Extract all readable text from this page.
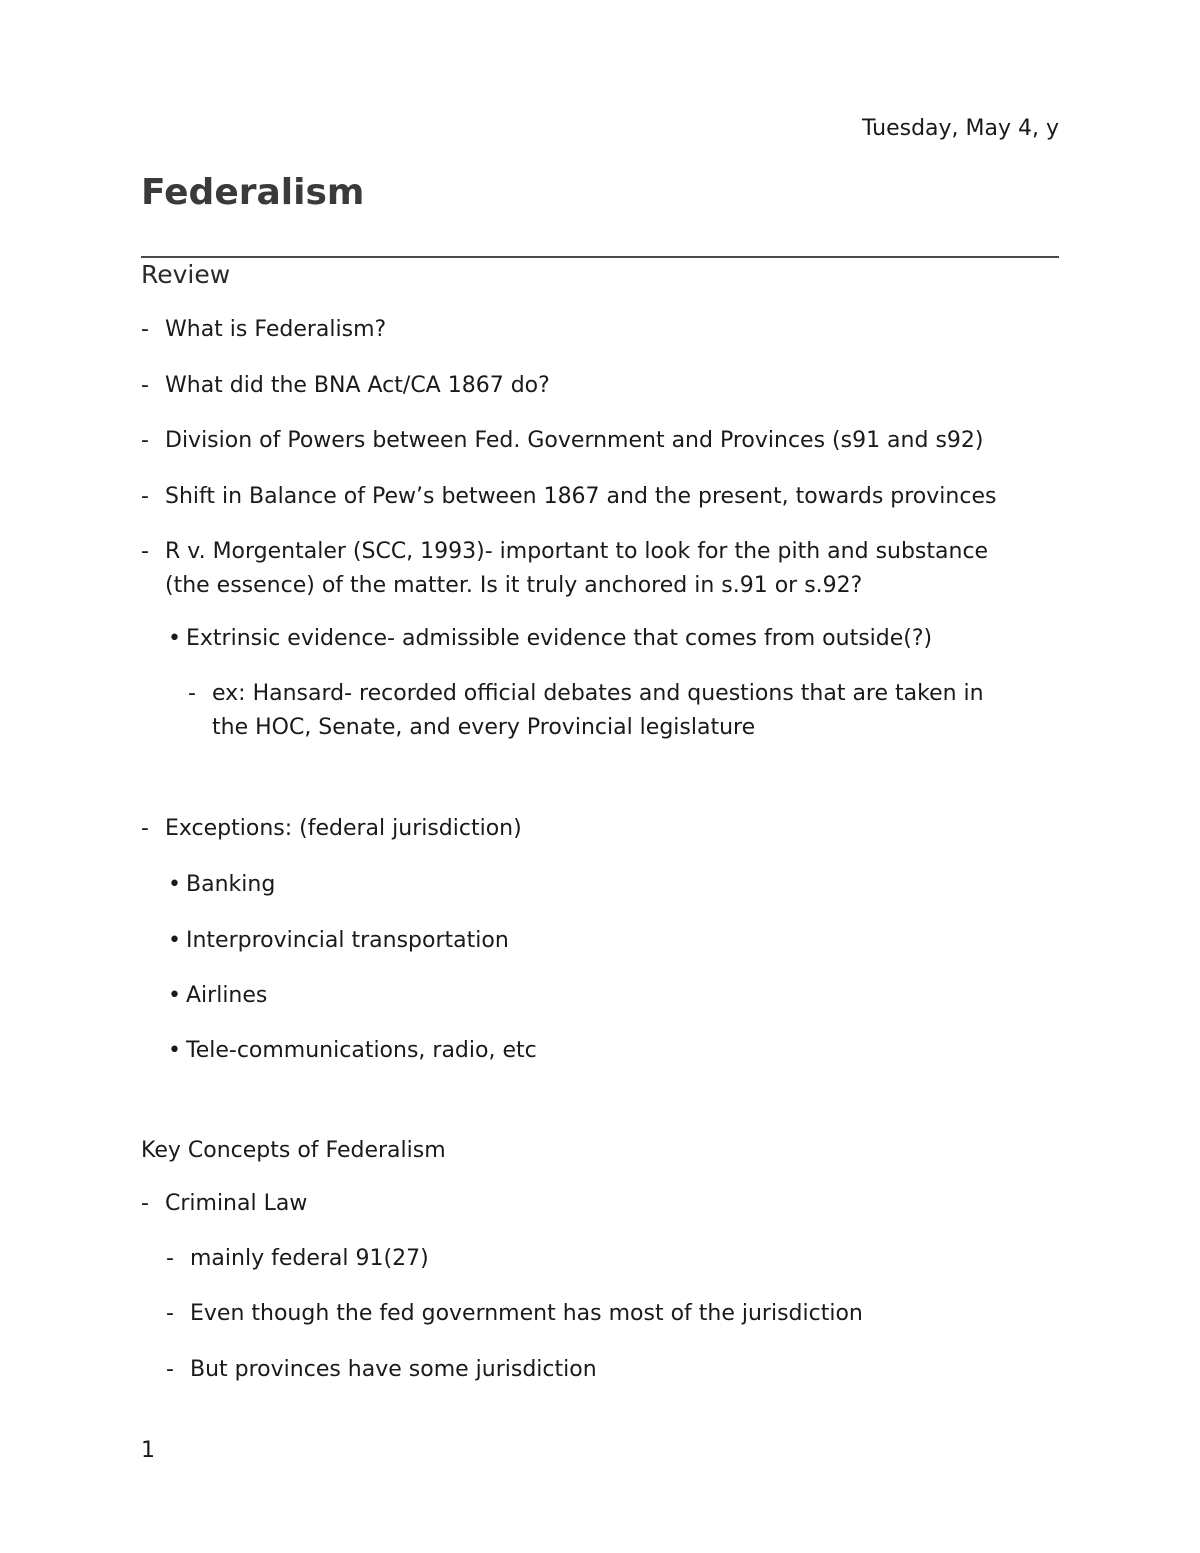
Tuesday, May 4, y
Federalism
Review
- What is Federalism?
- What did the BNA Act/CA 1867 do?
- Division of Powers between Fed. Government and Provinces (s91 and s92)
- Shift in Balance of Pew’s between 1867 and the present, towards provinces
- R v. Morgentaler (SCC, 1993)- important to look for the pith and substance
(the essence) of the matter. Is it truly anchored in s.91 or s.92?
• Extrinsic evidence- admissible evidence that comes from outside(?)
- ex: Hansard- recorded official debates and questions that are taken in
the HOC, Senate, and every Provincial legislature
- Exceptions: (federal jurisdiction)
• Banking
• Interprovincial transportation
• Airlines
• Tele-communications, radio, etc
Key Concepts of Federalism
- Criminal Law
- mainly federal 91(27)
- Even though the fed government has most of the jurisdiction
- But provinces have some jurisdiction
1
